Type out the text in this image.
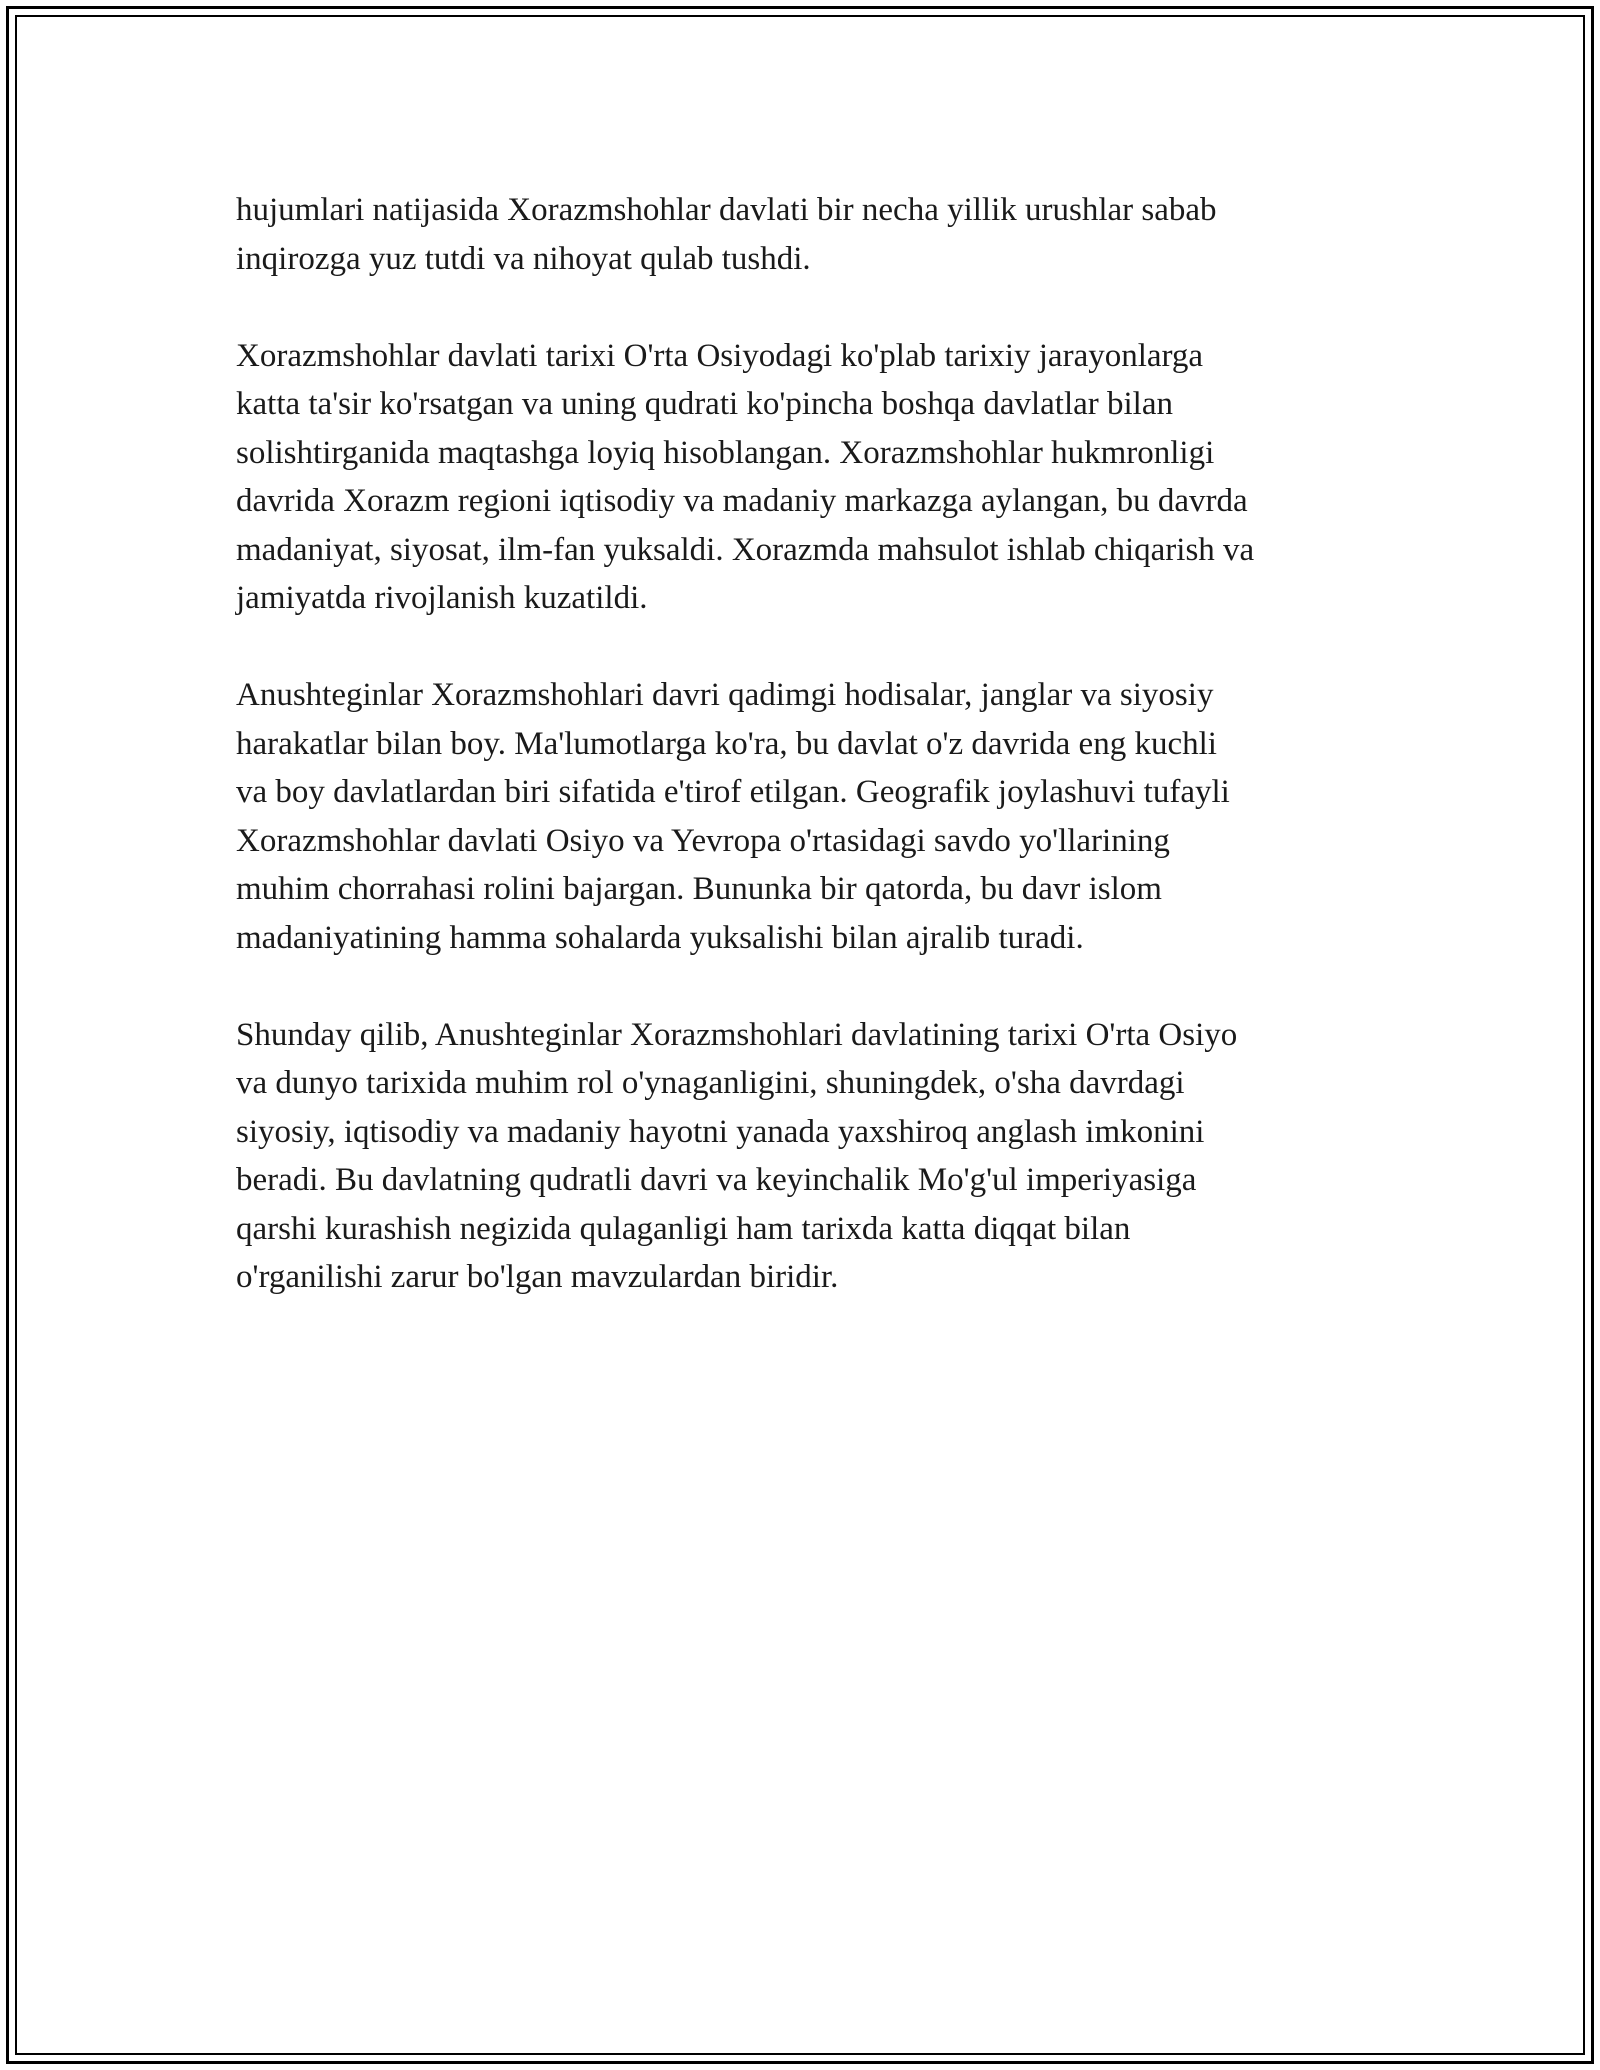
hujumlari natijasida Xorazmshohlar davlati bir necha yillik urushlar sabab
inqirozga yuz tutdi va nihoyat qulab tushdi.

Xorazmshohlar davlati tarixi O'rta Osiyodagi ko'plab tarixiy jarayonlarga
katta ta'sir ko'rsatgan va uning qudrati ko'pincha boshqa davlatlar bilan
solishtirganida maqtashga loyiq hisoblangan. Xorazmshohlar hukmronligi
davrida Xorazm regioni iqtisodiy va madaniy markazga aylangan, bu davrda
madaniyat, siyosat, ilm-fan yuksaldi. Xorazmda mahsulot ishlab chiqarish va
jamiyatda rivojlanish kuzatildi.

Anushteginlar Xorazmshohlari davri qadimgi hodisalar, janglar va siyosiy
harakatlar bilan boy. Ma'lumotlarga ko'ra, bu davlat o'z davrida eng kuchli
va boy davlatlardan biri sifatida e'tirof etilgan. Geografik joylashuvi tufayli
Xorazmshohlar davlati Osiyo va Yevropa o'rtasidagi savdo yo'llarining
muhim chorrahasi rolini bajargan. Bununka bir qatorda, bu davr islom
madaniyatining hamma sohalarda yuksalishi bilan ajralib turadi.

Shunday qilib, Anushteginlar Xorazmshohlari davlatining tarixi O'rta Osiyo
va dunyo tarixida muhim rol o'ynaganligini, shuningdek, o'sha davrdagi
siyosiy, iqtisodiy va madaniy hayotni yanada yaxshiroq anglash imkonini
beradi. Bu davlatning qudratli davri va keyinchalik Mo'g'ul imperiyasiga
qarshi kurashish negizida qulaganligi ham tarixda katta diqqat bilan
o'rganilishi zarur bo'lgan mavzulardan biridir.
